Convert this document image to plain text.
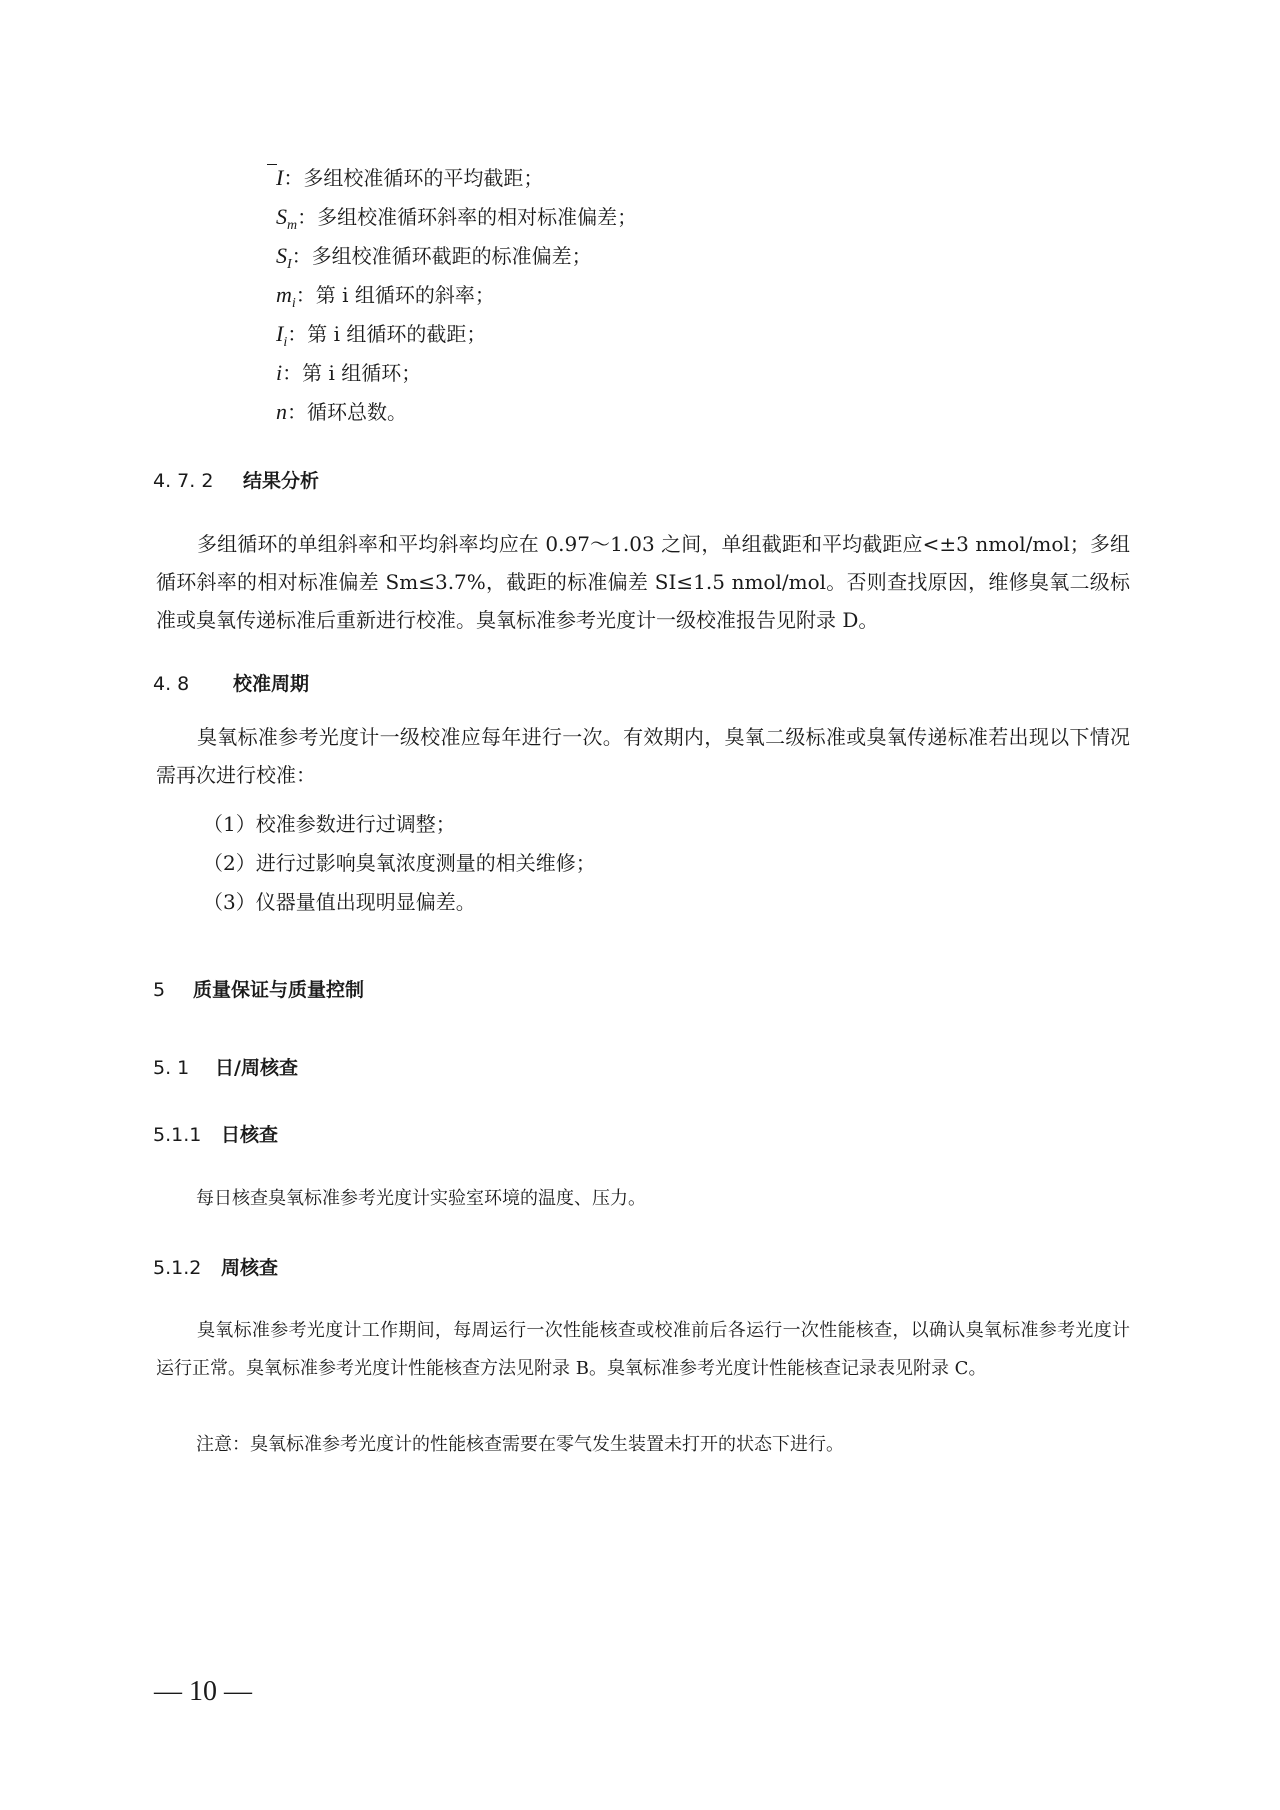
I：多组校准循环的平均截距；
$S_m$：多组校准循环斜率的相对标准偏差；
$S_I$：多组校准循环截距的标准偏差；
$m_i$：第 i 组循环的斜率；
$I_i$：第 i 组循环的截距；
i：第 i 组循环；
n：循环总数。
4. 7. 2 结果分析
多组循环的单组斜率和平均斜率均应在 0.97～1.03 之间，单组截距和平均截距应<±3 nmol/mol；多组循环斜率的相对标准偏差 Sm≤3.7%，截距的标准偏差 SI≤1.5 nmol/mol。否则查找原因，维修臭氧二级标准或臭氧传递标准后重新进行校准。臭氧标准参考光度计一级校准报告见附录 D。
4. 8 校准周期
臭氧标准参考光度计一级校准应每年进行一次。有效期内，臭氧二级标准或臭氧传递标准若出现以下情况需再次进行校准：
（1）校准参数进行过调整；
（2）进行过影响臭氧浓度测量的相关维修；
（3）仪器量值出现明显偏差。
5 质量保证与质量控制
5. 1 日/周核查
5.1.1 日核查
每日核查臭氧标准参考光度计实验室环境的温度、压力。
5.1.2 周核查
臭氧标准参考光度计工作期间，每周运行一次性能核查或校准前后各运行一次性能核查，以确认臭氧标准参考光度计运行正常。臭氧标准参考光度计性能核查方法见附录 B。臭氧标准参考光度计性能核查记录表见附录 C。
注意：臭氧标准参考光度计的性能核查需要在零气发生装置未打开的状态下进行。
— 10 —
